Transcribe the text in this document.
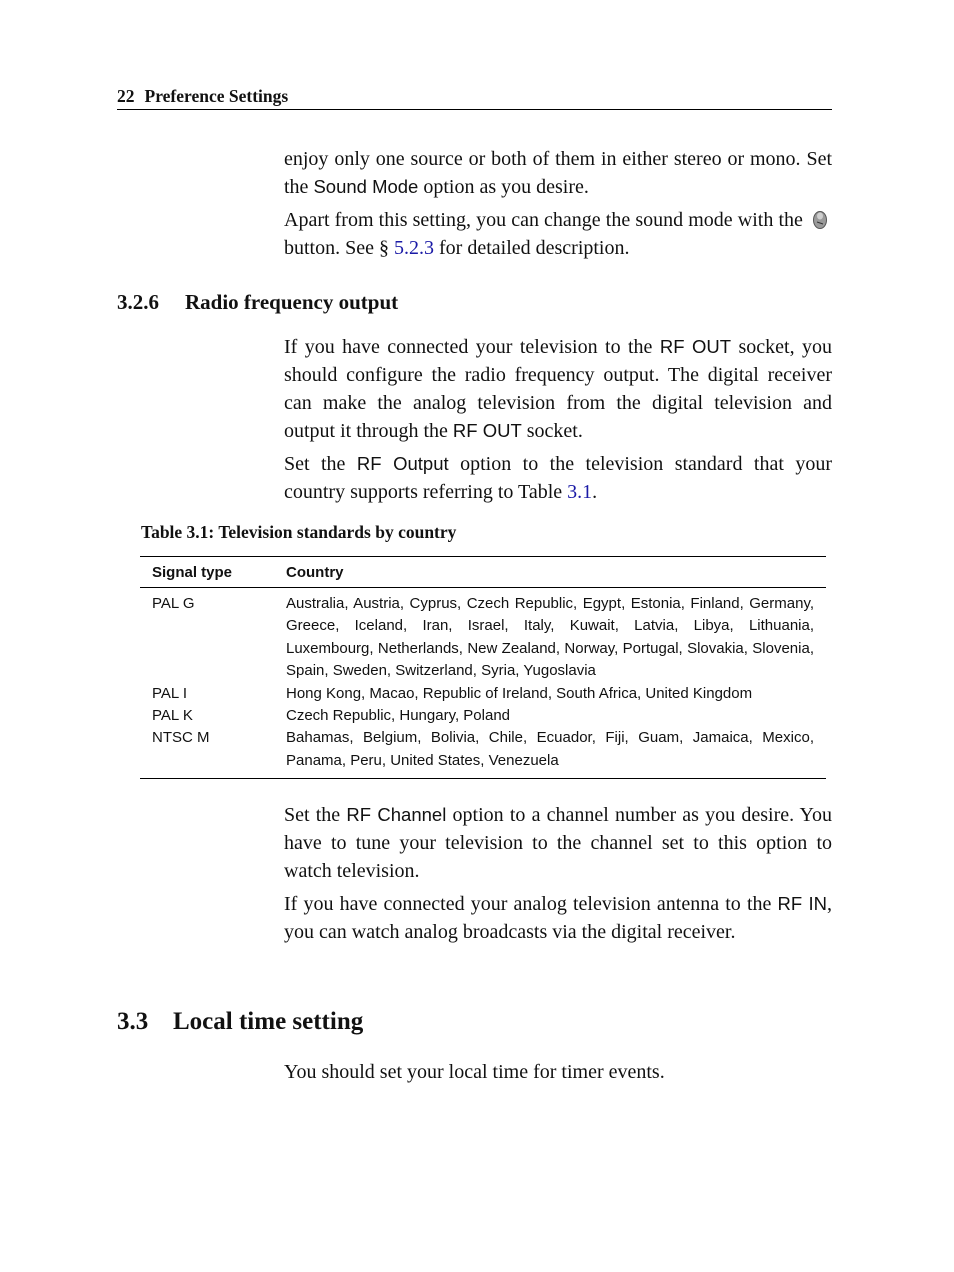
22 Preference Settings

enjoy only one source or both of them in either stereo or mono. Set the Sound Mode option as you desire.

Apart from this setting, you can change the sound mode with the  button. See § 5.2.3 for detailed description.

3.2.6 Radio frequency output

If you have connected your television to the RF OUT socket, you should configure the radio frequency output. The digital receiver can make the analog television from the digital television and output it through the RF OUT socket.

Set the RF Output option to the television standard that your country supports referring to Table 3.1.

Table 3.1: Television standards by country

Signal type	Country
PAL G	Australia, Austria, Cyprus, Czech Republic, Egypt, Estonia, Finland, Germany, Greece, Iceland, Iran, Israel, Italy, Kuwait, Latvia, Libya, Lithuania, Luxembourg, Netherlands, New Zealand, Norway, Portugal, Slovakia, Slovenia, Spain, Sweden, Switzerland, Syria, Yugoslavia
PAL I	Hong Kong, Macao, Republic of Ireland, South Africa, United Kingdom
PAL K	Czech Republic, Hungary, Poland
NTSC M	Bahamas, Belgium, Bolivia, Chile, Ecuador, Fiji, Guam, Jamaica, Mexico, Panama, Peru, United States, Venezuela

Set the RF Channel option to a channel number as you desire. You have to tune your television to the channel set to this option to watch television.

If you have connected your analog television antenna to the RF IN, you can watch analog broadcasts via the digital receiver.

3.3 Local time setting

You should set your local time for timer events.
